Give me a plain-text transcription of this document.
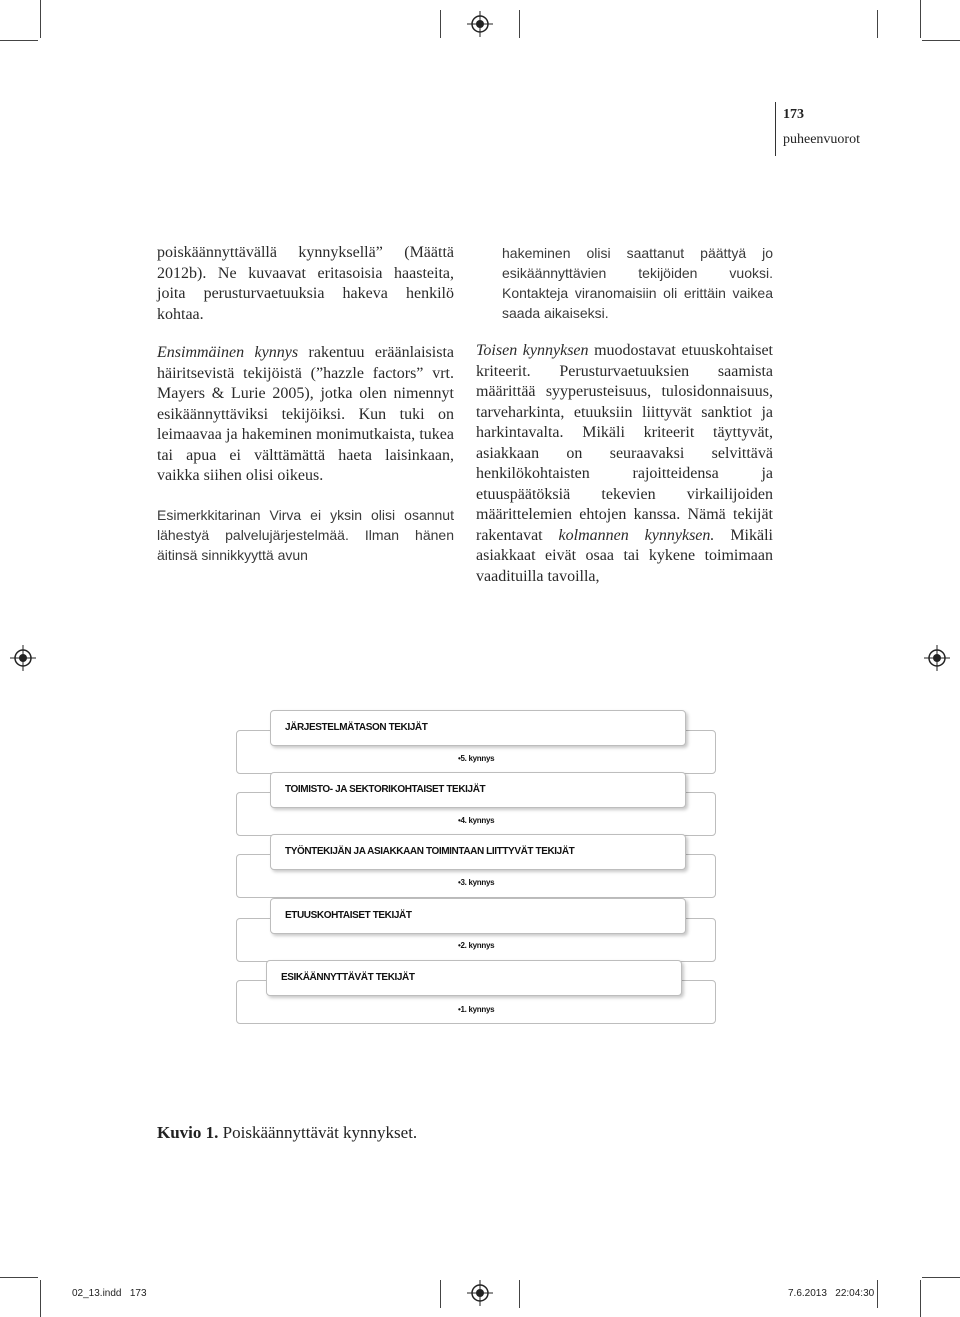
173
puheenvuorot

poiskäännyttävällä kynnyksellä” (Määttä 2012b). Ne kuvaavat eritasoisia haasteita, joita perusturvaetuuksia hakeva henkilö kohtaa.

Ensimmäinen kynnys rakentuu eräänlaisista häiritsevistä tekijöistä (”hazzle factors” vrt. Mayers & Lurie 2005), jotka olen nimennyt esikäännyttäviksi tekijöiksi. Kun tuki on leimaavaa ja hakeminen monimutkaista, tukea tai apua ei välttämättä haeta laisinkaan, vaikka siihen olisi oikeus.

Esimerkkitarinan Virva ei yksin olisi osannut lähestyä palvelujärjestelmää. Ilman hänen äitinsä sinnikkyyttä avun

hakeminen olisi saattanut päättyä jo esikäännyttävien tekijöiden vuoksi. Kontakteja viranomaisiin oli erittäin vaikea saada aikaiseksi.

Toisen kynnyksen muodostavat etuuskohtaiset kriteerit. Perusturvaetuuksien saamista määrittää syyperusteisuus, tulosidonnaisuus, tarveharkinta, etuuksiin liittyvät sanktiot ja harkintavalta. Mikäli kriteerit täyttyvät, asiakkaan on seuraavaksi selvittävä henkilökohtaisten rajoitteidensa ja etuuspäätöksiä tekevien virkailijoiden määrittelemien ehtojen kanssa. Nämä tekijät rakentavat kolmannen kynnyksen. Mikäli asiakkaat eivät osaa tai kykene toimimaan vaadituilla tavoilla,

JÄRJESTELMÄTASON TEKIJÄT
•5. kynnys
TOIMISTO- JA SEKTORIKOHTAISET TEKIJÄT
•4. kynnys
TYÖNTEKIJÄN JA ASIAKKAAN TOIMINTAAN LIITTYVÄT TEKIJÄT
•3. kynnys
ETUUSKOHTAISET TEKIJÄT
•2. kynnys
ESIKÄÄNNYTTÄVÄT TEKIJÄT
•1. kynnys
Kuvio 1. Poiskäännyttävät kynnykset.
02_13.indd   173	7.6.2013   22:04:30
